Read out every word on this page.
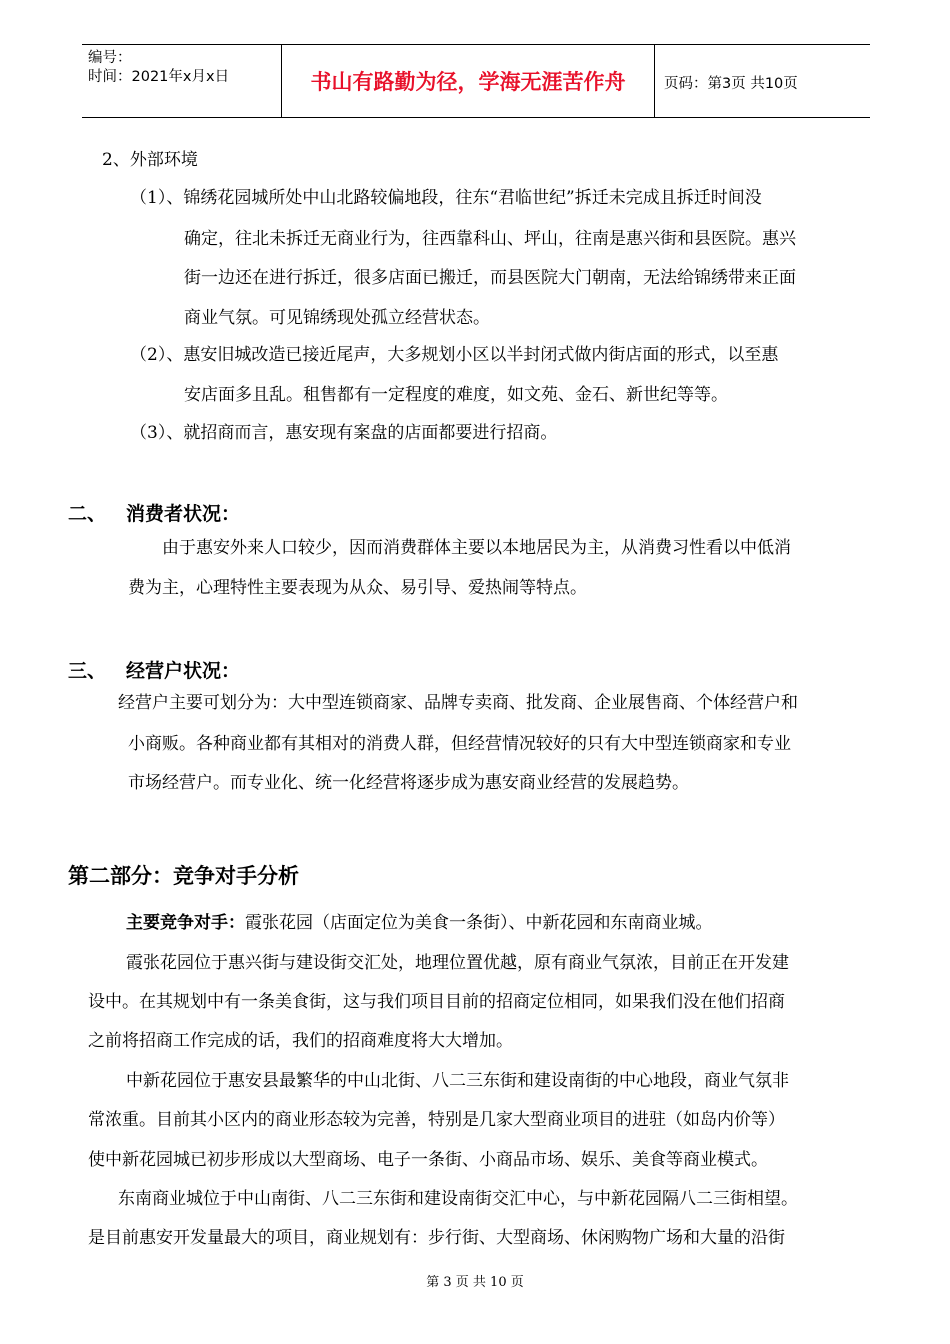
编号：
时间：2021年x月x日	书山有路勤为径，学海无涯苦作舟	页码：第3页 共10页
2、外部环境
（1）、锦绣花园城所处中山北路较偏地段，往东“君临世纪”拆迁未完成且拆迁时间没
确定，往北未拆迁无商业行为，往西靠科山、坪山，往南是惠兴街和县医院。惠兴
街一边还在进行拆迁，很多店面已搬迁，而县医院大门朝南，无法给锦绣带来正面
商业气氛。可见锦绣现处孤立经营状态。
（2）、惠安旧城改造已接近尾声，大多规划小区以半封闭式做内街店面的形式，以至惠
安店面多且乱。租售都有一定程度的难度，如文苑、金石、新世纪等等。
（3）、就招商而言，惠安现有案盘的店面都要进行招商。
二、 消费者状况：
由于惠安外来人口较少，因而消费群体主要以本地居民为主，从消费习性看以中低消
费为主，心理特性主要表现为从众、易引导、爱热闹等特点。
三、 经营户状况：
经营户主要可划分为：大中型连锁商家、品牌专卖商、批发商、企业展售商、个体经营户和
小商贩。各种商业都有其相对的消费人群，但经营情况较好的只有大中型连锁商家和专业
市场经营户。而专业化、统一化经营将逐步成为惠安商业经营的发展趋势。
第二部分：竞争对手分析
主要竞争对手：霞张花园（店面定位为美食一条街）、中新花园和东南商业城。
霞张花园位于惠兴街与建设街交汇处，地理位置优越，原有商业气氛浓，目前正在开发建
设中。在其规划中有一条美食街，这与我们项目目前的招商定位相同，如果我们没在他们招商
之前将招商工作完成的话，我们的招商难度将大大增加。
中新花园位于惠安县最繁华的中山北街、八二三东街和建设南街的中心地段，商业气氛非
常浓重。目前其小区内的商业形态较为完善，特别是几家大型商业项目的进驻（如岛内价等）
使中新花园城已初步形成以大型商场、电子一条街、小商品市场、娱乐、美食等商业模式。
东南商业城位于中山南街、八二三东街和建设南街交汇中心，与中新花园隔八二三街相望。
是目前惠安开发量最大的项目，商业规划有：步行街、大型商场、休闲购物广场和大量的沿街
第 3 页 共 10 页
